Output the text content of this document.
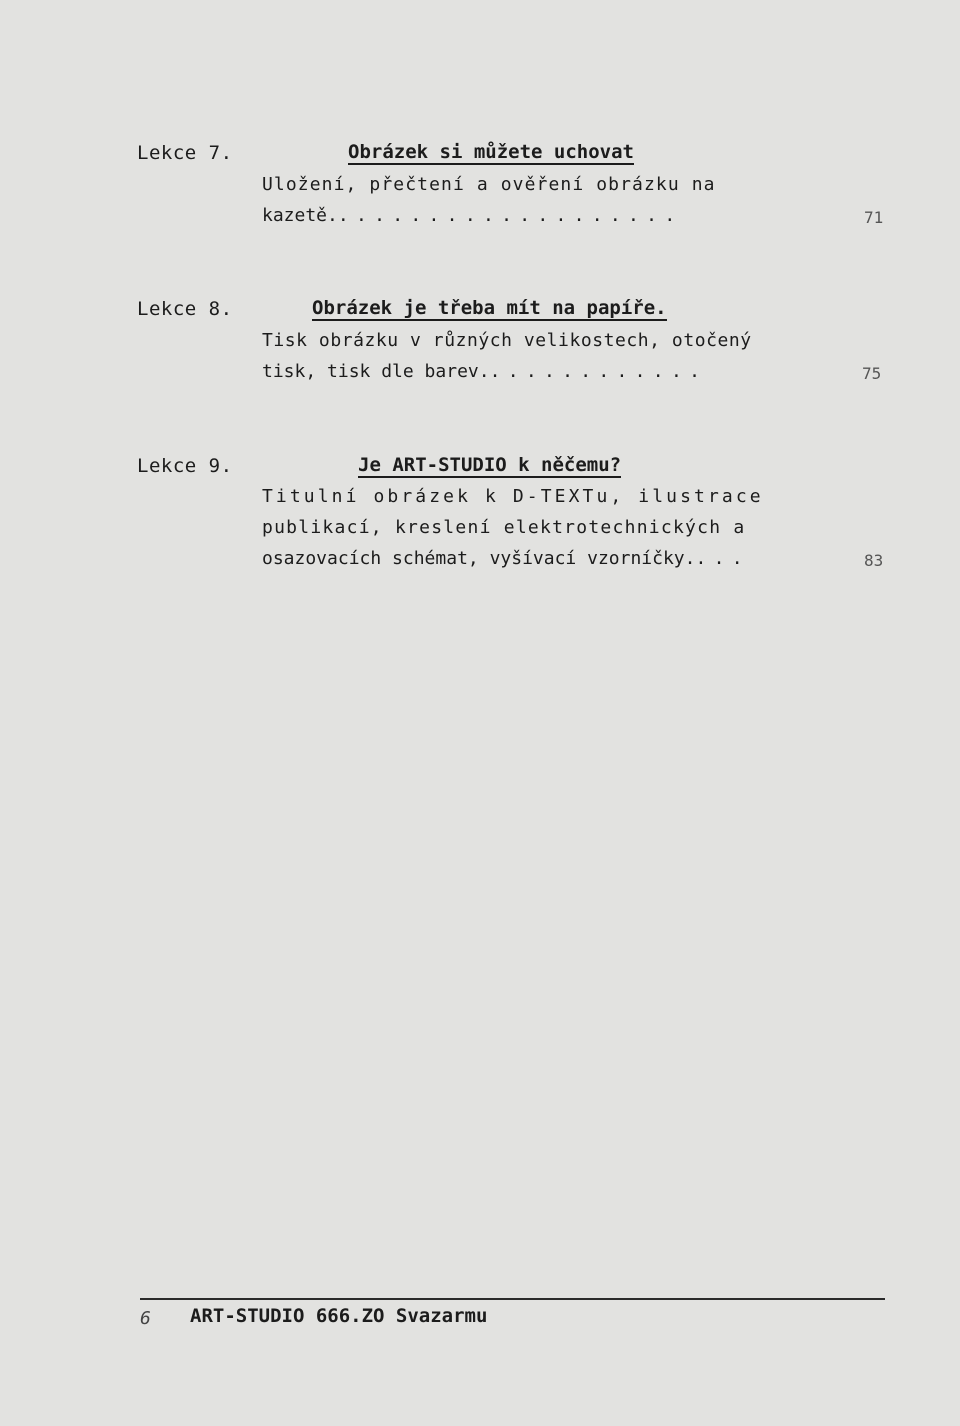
Lekce 7.	Obrázek si můžete uchovat
Uložení, přečtení a ověření obrázku na
kazetě....................	71
Lekce 8.	Obrázek je třeba mít na papíře.
Tisk obrázku v různých velikostech, otočený
tisk, tisk dle barev.............	75
Lekce 9.	Je ART-STUDIO k něčemu?
Titulní obrázek k D-TEXTu, ilustrace
publikací, kreslení elektrotechnických a
osazovacích schémat, vyšívací vzorníčky....	83
6 ART-STUDIO 666.ZO Svazarmu
